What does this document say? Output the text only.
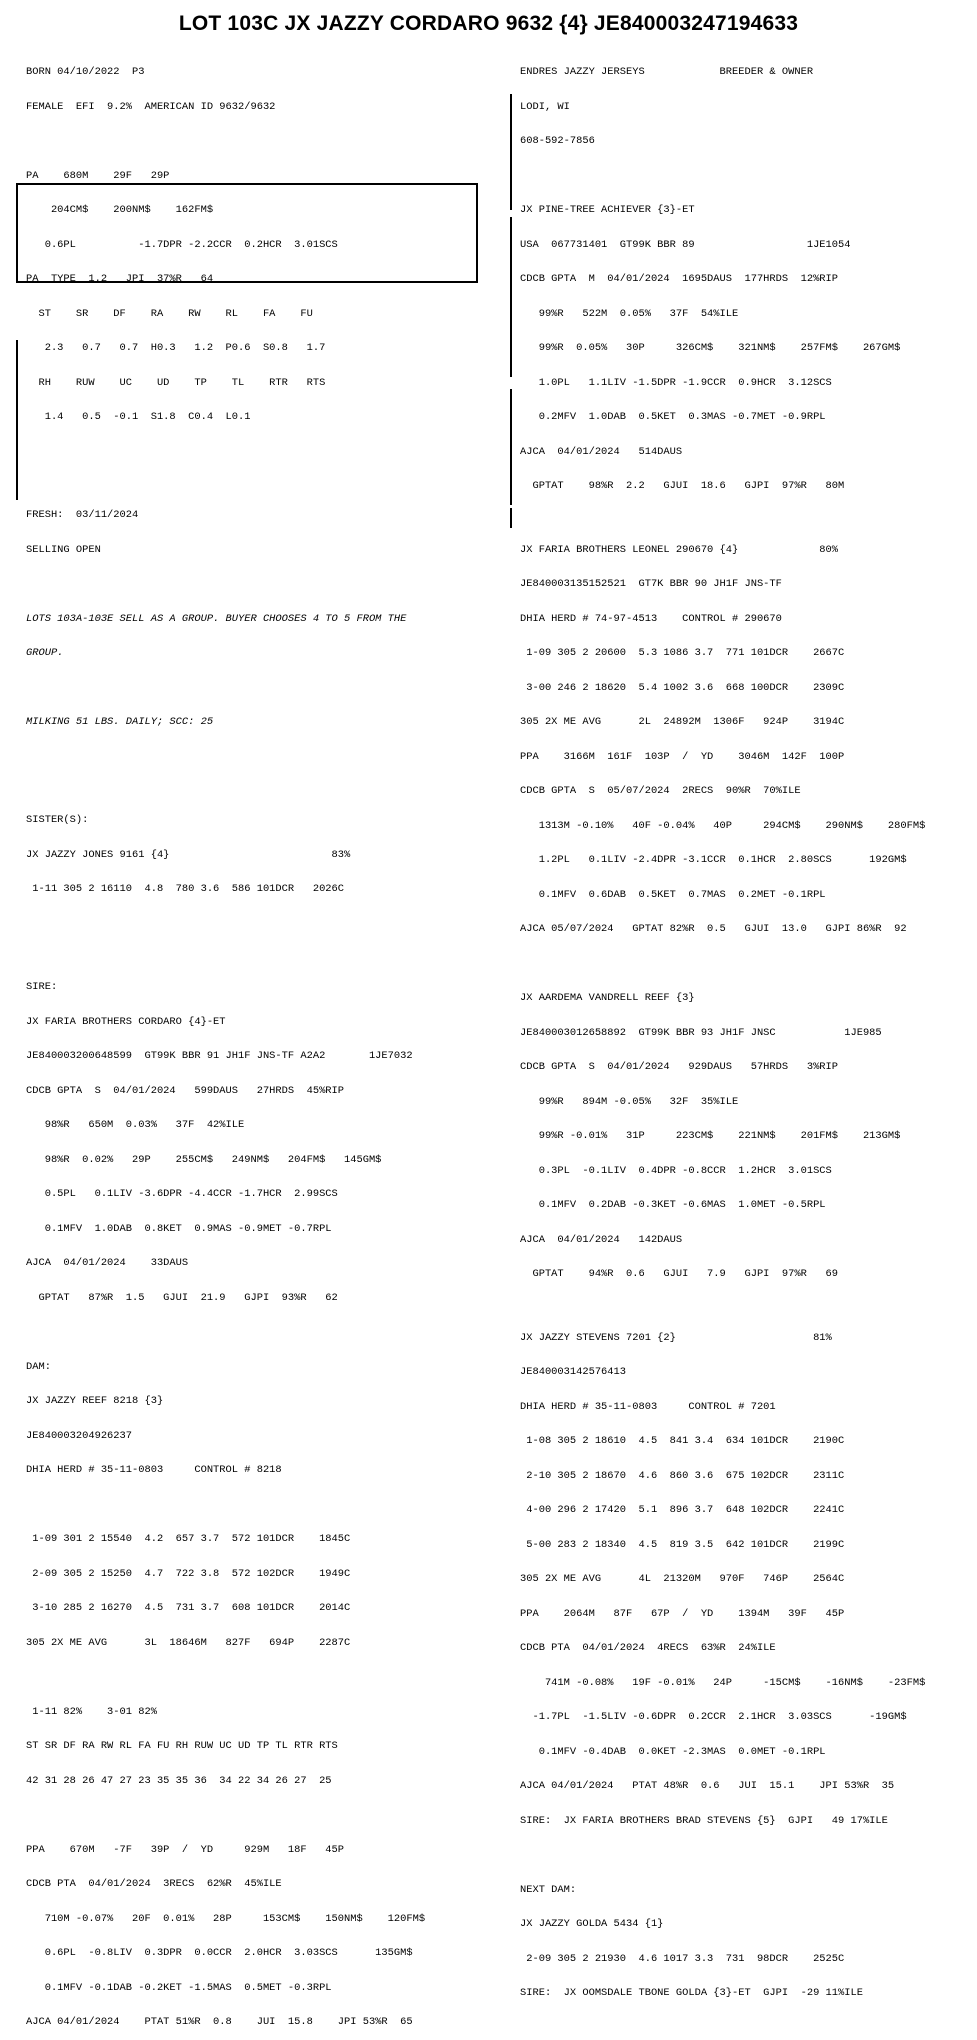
LOT 103C JX JAZZY CORDARO 9632 {4} JE840003247194633

BORN 04/10/2022  P3

FEMALE  EFI  9.2%  AMERICAN ID 9632/9632

PA    680M    29F   29P

204CM$    200NM$    162FM$

0.6PL          -1.7DPR -2.2CCR  0.2HCR  3.01SCS

PA  TYPE  1.2   JPI  37%R   64

ST    SR    DF    RA    RW    RL    FA    FU

2.3   0.7   0.7  H0.3   1.2  P0.6  S0.8   1.7

RH    RUW    UC    UD    TP    TL    RTR   RTS

1.4   0.5  -0.1  S1.8  C0.4  L0.1

FRESH:  03/11/2024

SELLING OPEN

LOTS 103A-103E SELL AS A GROUP. BUYER CHOOSES 4 TO 5 FROM THE

GROUP.

MILKING 51 LBS. DAILY; SCC: 25

SISTER(S):

JX JAZZY JONES 9161 {4}                          83%

1-11 305 2 16110  4.8  780 3.6  586 101DCR   2026C

SIRE:

JX FARIA BROTHERS CORDARO {4}-ET

JE840003200648599  GT99K BBR 91 JH1F JNS-TF A2A2       1JE7032

CDCB GPTA  S  04/01/2024   599DAUS   27HRDS  45%RIP

98%R   650M  0.03%   37F  42%ILE

98%R  0.02%   29P    255CM$   249NM$   204FM$   145GM$

0.5PL   0.1LIV -3.6DPR -4.4CCR -1.7HCR  2.99SCS

0.1MFV  1.0DAB  0.8KET  0.9MAS -0.9MET -0.7RPL

AJCA  04/01/2024    33DAUS

GPTAT   87%R  1.5   GJUI  21.9   GJPI  93%R   62

DAM:

JX JAZZY REEF 8218 {3}

JE840003204926237

DHIA HERD # 35-11-0803     CONTROL # 8218

1-09 301 2 15540  4.2  657 3.7  572 101DCR    1845C

2-09 305 2 15250  4.7  722 3.8  572 102DCR    1949C

3-10 285 2 16270  4.5  731 3.7  608 101DCR    2014C

305 2X ME AVG      3L  18646M   827F   694P    2287C

1-11 82%    3-01 82%

ST SR DF RA RW RL FA FU RH RUW UC UD TP TL RTR RTS

42 31 28 26 47 27 23 35 35 36  34 22 34 26 27  25

PPA    670M   -7F   39P  /  YD     929M   18F   45P

CDCB PTA  04/01/2024  3RECS  62%R  45%ILE

710M -0.07%   20F  0.01%   28P     153CM$    150NM$    120FM$

0.6PL  -0.8LIV  0.3DPR  0.0CCR  2.0HCR  3.03SCS      135GM$

0.1MFV -0.1DAB -0.2KET -1.5MAS  0.5MET -0.3RPL

AJCA 04/01/2024    PTAT 51%R  0.8    JUI  15.8    JPI 53%R  65

ENDRES JAZZY JERSEYS            BREEDER & OWNER

LODI, WI

608-592-7856

JX PINE-TREE ACHIEVER {3}-ET

USA  067731401  GT99K BBR 89                  1JE1054

CDCB GPTA  M  04/01/2024  1695DAUS  177HRDS  12%RIP

99%R   522M  0.05%   37F  54%ILE

99%R  0.05%   30P     326CM$    321NM$    257FM$    267GM$

1.0PL   1.1LIV -1.5DPR -1.9CCR  0.9HCR  3.12SCS

0.2MFV  1.0DAB  0.5KET  0.3MAS -0.7MET -0.9RPL

AJCA  04/01/2024   514DAUS

GPTAT    98%R  2.2   GJUI  18.6   GJPI  97%R   80M

JX FARIA BROTHERS LEONEL 290670 {4}             80%

JE840003135152521  GT7K BBR 90 JH1F JNS-TF

DHIA HERD # 74-97-4513    CONTROL # 290670

1-09 305 2 20600  5.3 1086 3.7  771 101DCR    2667C

3-00 246 2 18620  5.4 1002 3.6  668 100DCR    2309C

305 2X ME AVG      2L  24892M  1306F   924P    3194C

PPA    3166M  161F  103P  /  YD    3046M  142F  100P

CDCB GPTA  S  05/07/2024  2RECS  90%R  70%ILE

1313M -0.10%   40F -0.04%   40P     294CM$    290NM$    280FM$

1.2PL   0.1LIV -2.4DPR -3.1CCR  0.1HCR  2.80SCS      192GM$

0.1MFV  0.6DAB  0.5KET  0.7MAS  0.2MET -0.1RPL

AJCA 05/07/2024   GPTAT 82%R  0.5   GJUI  13.0   GJPI 86%R  92

JX AARDEMA VANDRELL REEF {3}

JE840003012658892  GT99K BBR 93 JH1F JNSC           1JE985

CDCB GPTA  S  04/01/2024   929DAUS   57HRDS   3%RIP

99%R   894M -0.05%   32F  35%ILE

99%R -0.01%   31P     223CM$    221NM$    201FM$    213GM$

0.3PL  -0.1LIV  0.4DPR -0.8CCR  1.2HCR  3.01SCS

0.1MFV  0.2DAB -0.3KET -0.6MAS  1.0MET -0.5RPL

AJCA  04/01/2024   142DAUS

GPTAT    94%R  0.6   GJUI   7.9   GJPI  97%R   69

JX JAZZY STEVENS 7201 {2}                      81%

JE840003142576413

DHIA HERD # 35-11-0803     CONTROL # 7201

1-08 305 2 18610  4.5  841 3.4  634 101DCR    2190C

2-10 305 2 18670  4.6  860 3.6  675 102DCR    2311C

4-00 296 2 17420  5.1  896 3.7  648 102DCR    2241C

5-00 283 2 18340  4.5  819 3.5  642 101DCR    2199C

305 2X ME AVG      4L  21320M   970F   746P    2564C

PPA    2064M   87F   67P  /  YD    1394M   39F   45P

CDCB PTA  04/01/2024  4RECS  63%R  24%ILE

741M -0.08%   19F -0.01%   24P     -15CM$    -16NM$    -23FM$

-1.7PL  -1.5LIV -0.6DPR  0.2CCR  2.1HCR  3.03SCS      -19GM$

0.1MFV -0.4DAB  0.0KET -2.3MAS  0.0MET -0.1RPL

AJCA 04/01/2024   PTAT 48%R  0.6   JUI  15.1    JPI 53%R  35

SIRE:  JX FARIA BROTHERS BRAD STEVENS {5}  GJPI   49 17%ILE

NEXT DAM:

JX JAZZY GOLDA 5434 {1}

2-09 305 2 21930  4.6 1017 3.3  731  98DCR    2525C

SIRE:  JX OOMSDALE TBONE GOLDA {3}-ET  GJPI  -29 11%ILE
